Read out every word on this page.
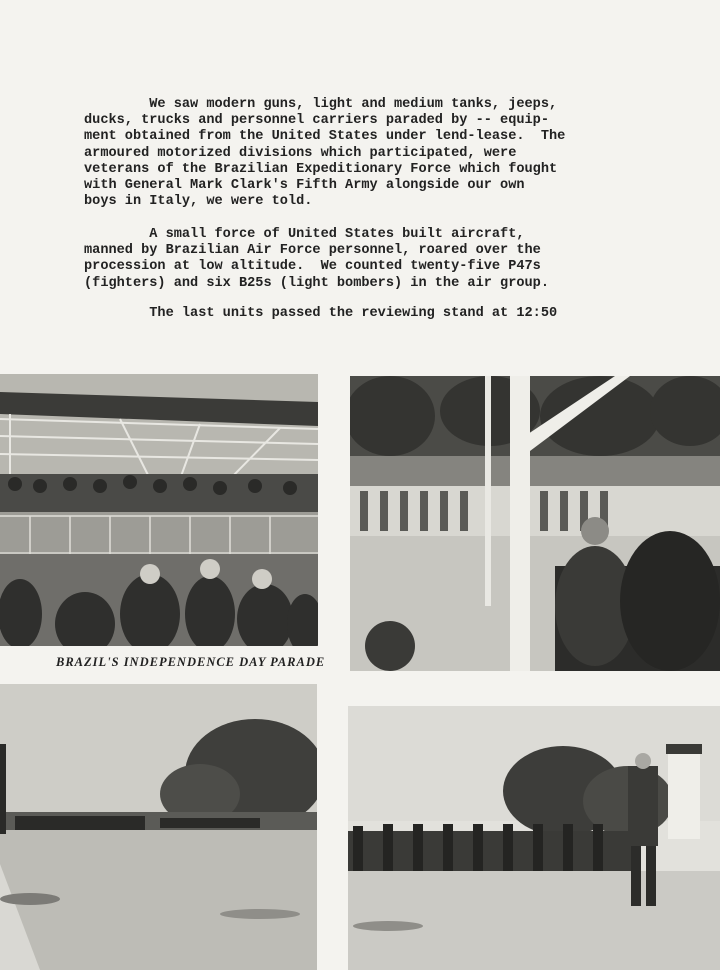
We saw modern guns, light and medium tanks, jeeps,
ducks, trucks and personnel carriers paraded by -- equip-
ment obtained from the United States under lend-lease.  The
armoured motorized divisions which participated, were
veterans of the Brazilian Expeditionary Force which fought
with General Mark Clark's Fifth Army alongside our own
boys in Italy, we were told.

A small force of United States built aircraft,
manned by Brazilian Air Force personnel, roared over the
procession at low altitude.  We counted twenty-five P47s
(fighters) and six B25s (light bombers) in the air group.

The last units passed the reviewing stand at 12:50

BRAZIL'S INDEPENDENCE DAY PARADE
